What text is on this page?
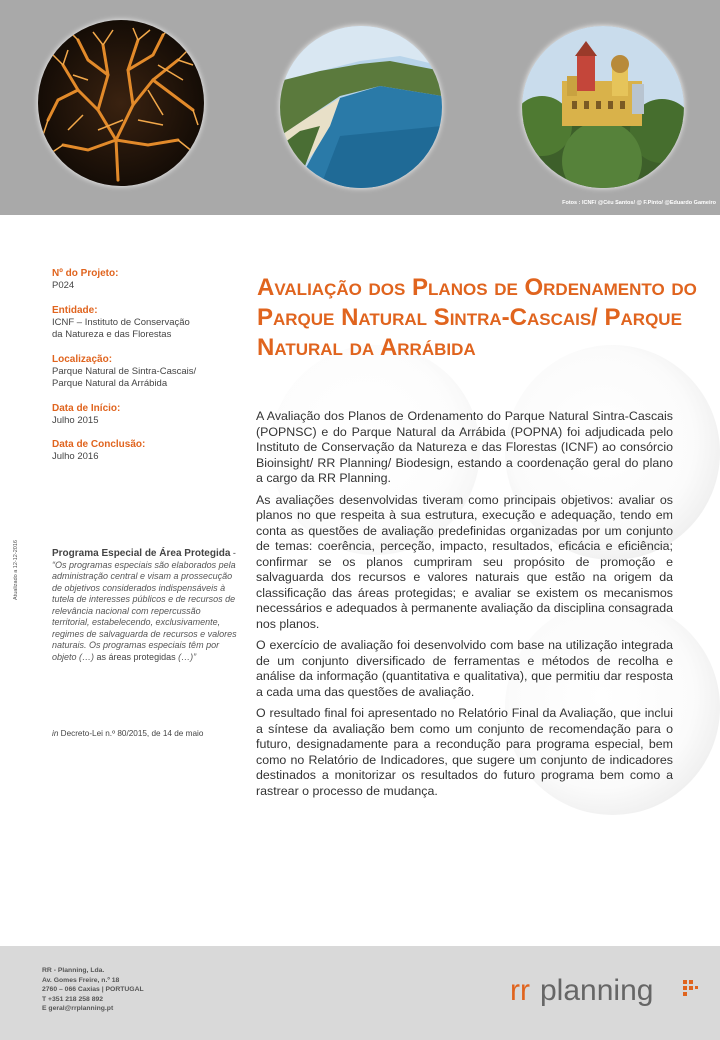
Fotos : ICNF/ @Céu Santos/ @ F.Pinto/ @Eduardo Gameiro

Nº do Projeto:

P024

Entidade:

ICNF – Instituto de Conservação da Natureza e das Florestas

Localização:

Parque Natural de Sintra-Cascais/ Parque Natural da Arrábida

Data de Início:

Julho 2015

Data de Conclusão:

Julho 2016

Atualizado a 12-12-2016	Programa Especial de Área Protegida - “Os programas especiais são elaborados pela administração central e visam a prossecução de objetivos considerados indispensáveis à tutela de interesses públicos e de recursos de relevância nacional com repercussão territorial, estabelecendo, exclusivamente, regimes de salvaguarda de recursos e valores naturais. Os programas especiais têm por objeto (…) as áreas protegidas (…)”
in Decreto-Lei n.º 80/2015, de 14 de maio
Avaliação dos Planos de Ordenamento do Parque Natural Sintra-Cascais/ Parque Natural da Arrábida

A Avaliação dos Planos de Ordenamento do Parque Natural Sintra-Cascais (POPNSC) e do Parque Natural da Arrábida (POPNA) foi adjudicada pelo Instituto de Conservação da Natureza e das Florestas (ICNF) ao consórcio Bioinsight/ RR Planning/ Biodesign, estando a coordenação geral do plano a cargo da RR Planning.

As avaliações desenvolvidas tiveram como principais objetivos: avaliar os planos no que respeita à sua estrutura, execução e adequação, tendo em conta as questões de avaliação predefinidas organizadas por um conjunto de temas: coerência, perceção, impacto, resultados, eficácia e eficiência; confirmar se os planos cumpriram seu propósito de promoção e salvaguarda dos recursos e valores naturais que estão na origem da classificação das áreas protegidas; e avaliar se existem os mecanismos necessários e adequados à permanente avaliação da disciplina consagrada nos planos.

O exercício de avaliação foi desenvolvido com base na utilização integrada de um conjunto diversificado de ferramentas e métodos de recolha e análise da informação (quantitativa e qualitativa), que permitiu dar resposta a cada uma das questões de avaliação.

O resultado final foi apresentado no Relatório Final da Avaliação, que inclui a síntese da avaliação bem como um conjunto de recomendação para o futuro, designadamente para a recondução para programa especial, bem como no Relatório de Indicadores, que sugere um conjunto de indicadores destinados a monitorizar os resultados do futuro programa bem como a rastrear o processo de mudança.

RR - Planning, Lda.
Av. Gomes Freire, n.º 18
2760 – 066 Caxias | PORTUGAL
T +351 218 258 892
E geral@rrplanning.pt
rr planning
